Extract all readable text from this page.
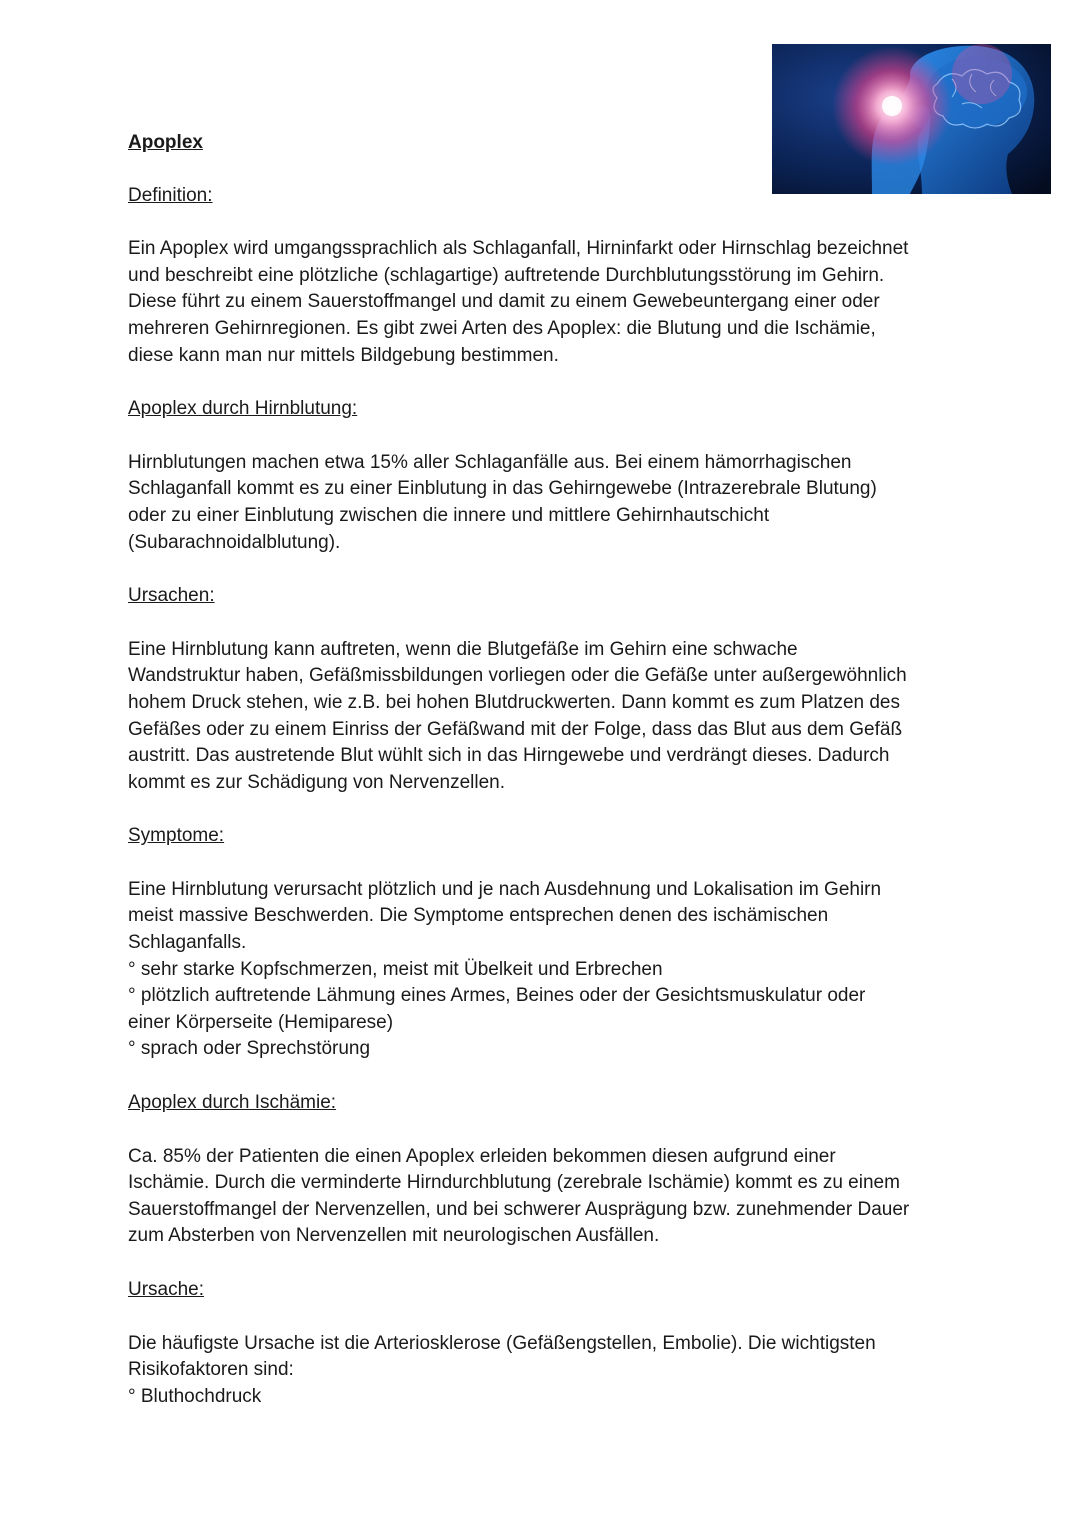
Apoplex
Definition:
Ein Apoplex wird umgangssprachlich als Schlaganfall, Hirninfarkt oder Hirnschlag bezeichnet
und beschreibt eine plötzliche (schlagartige) auftretende Durchblutungsstörung im Gehirn.
Diese führt zu einem Sauerstoffmangel und damit zu einem Gewebeuntergang einer oder
mehreren Gehirnregionen. Es gibt zwei Arten des Apoplex: die Blutung und die Ischämie,
diese kann man nur mittels Bildgebung bestimmen.
Apoplex durch Hirnblutung:
Hirnblutungen machen etwa 15% aller Schlaganfälle aus. Bei einem hämorrhagischen
Schlaganfall kommt es zu einer Einblutung in das Gehirngewebe (Intrazerebrale Blutung)
oder zu einer Einblutung zwischen die innere und mittlere Gehirnhautschicht
(Subarachnoidalblutung).
Ursachen:
Eine Hirnblutung kann auftreten, wenn die Blutgefäße im Gehirn eine schwache
Wandstruktur haben, Gefäßmissbildungen vorliegen oder die Gefäße unter außergewöhnlich
hohem Druck stehen, wie z.B. bei hohen Blutdruckwerten. Dann kommt es zum Platzen des
Gefäßes oder zu einem Einriss der Gefäßwand mit der Folge, dass das Blut aus dem Gefäß
austritt. Das austretende Blut wühlt sich in das Hirngewebe und verdrängt dieses. Dadurch
kommt es zur Schädigung von Nervenzellen.
Symptome:
Eine Hirnblutung verursacht plötzlich und je nach Ausdehnung und Lokalisation im Gehirn
meist massive Beschwerden. Die Symptome entsprechen denen des ischämischen
Schlaganfalls.
° sehr starke Kopfschmerzen, meist mit Übelkeit und Erbrechen
° plötzlich auftretende Lähmung eines Armes, Beines oder der Gesichtsmuskulatur oder
einer Körperseite (Hemiparese)
° sprach oder Sprechstörung
Apoplex durch Ischämie:
Ca. 85% der Patienten die einen Apoplex erleiden bekommen diesen aufgrund einer
Ischämie. Durch die verminderte Hirndurchblutung (zerebrale Ischämie) kommt es zu einem
Sauerstoffmangel der Nervenzellen, und bei schwerer Ausprägung bzw. zunehmender Dauer
zum Absterben von Nervenzellen mit neurologischen Ausfällen.
Ursache:
Die häufigste Ursache ist die Arteriosklerose (Gefäßengstellen, Embolie). Die wichtigsten
Risikofaktoren sind:
° Bluthochdruck
